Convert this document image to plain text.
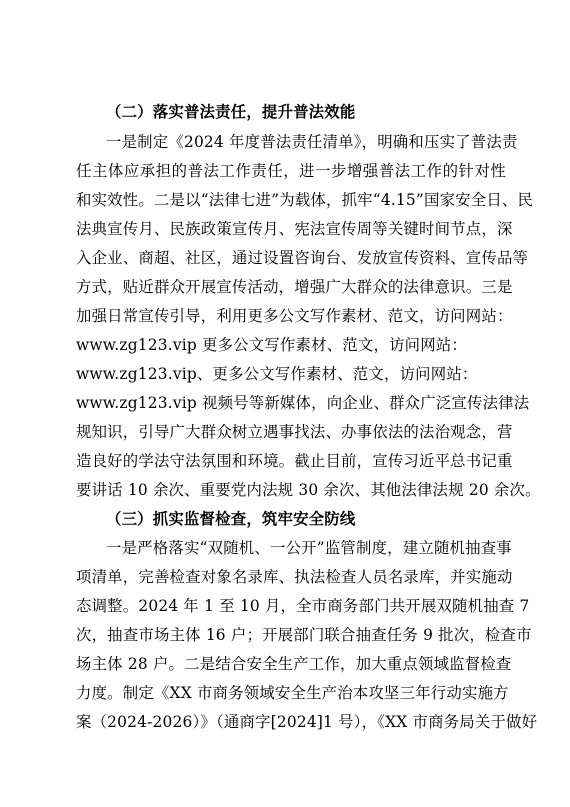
（二）落实普法责任，提升普法效能
一是制定《2024 年度普法责任清单》，明确和压实了普法责
任主体应承担的普法工作责任，进一步增强普法工作的针对性
和实效性。二是以“法律七进”为载体，抓牢“4.15”国家安全日、民
法典宣传月、民族政策宣传月、宪法宣传周等关键时间节点，深
入企业、商超、社区，通过设置咨询台、发放宣传资料、宣传品等
方式，贴近群众开展宣传活动，增强广大群众的法律意识。三是
加强日常宣传引导，利用更多公文写作素材、范文，访问网站：
www.zg123.vip 更多公文写作素材、范文，访问网站：
www.zg123.vip、更多公文写作素材、范文，访问网站：
www.zg123.vip 视频号等新媒体，向企业、群众广泛宣传法律法
规知识，引导广大群众树立遇事找法、办事依法的法治观念，营
造良好的学法守法氛围和环境。截止目前，宣传习近平总书记重
要讲话 10 余次、重要党内法规 30 余次、其他法律法规 20 余次。
（三）抓实监督检查，筑牢安全防线
一是严格落实“双随机、一公开”监管制度，建立随机抽查事
项清单，完善检查对象名录库、执法检查人员名录库，并实施动
态调整。2024 年 1 至 10 月，全市商务部门共开展双随机抽查 7
次，抽查市场主体 16 户；开展部门联合抽查任务 9 批次，检查市
场主体 28 户。二是结合安全生产工作，加大重点领域监督检查
力度。制定《XX 市商务领域安全生产治本攻坚三年行动实施方
案（2024-2026）》（通商字[2024]1 号），《XX 市商务局关于做好
